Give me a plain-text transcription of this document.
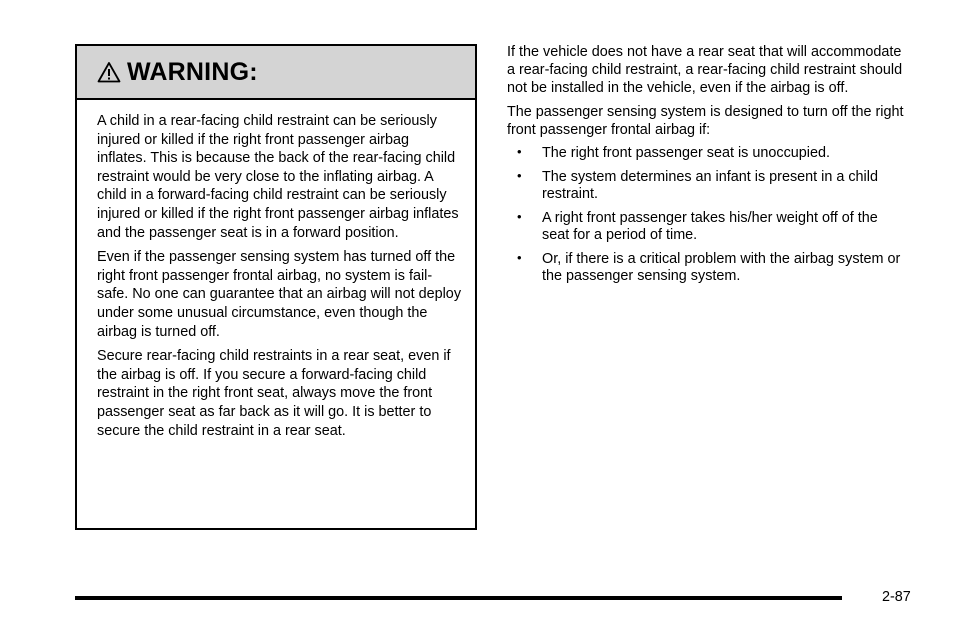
WARNING:

A child in a rear-facing child restraint can be seriously injured or killed if the right front passenger airbag inflates. This is because the back of the rear-facing child restraint would be very close to the inflating airbag. A child in a forward-facing child restraint can be seriously injured or killed if the right front passenger airbag inflates and the passenger seat is in a forward position.

Even if the passenger sensing system has turned off the right front passenger frontal airbag, no system is fail-safe. No one can guarantee that an airbag will not deploy under some unusual circumstance, even though the airbag is turned off.

Secure rear-facing child restraints in a rear seat, even if the airbag is off. If you secure a forward-facing child restraint in the right front seat, always move the front passenger seat as far back as it will go. It is better to secure the child restraint in a rear seat.

If the vehicle does not have a rear seat that will accommodate a rear-facing child restraint, a rear-facing child restraint should not be installed in the vehicle, even if the airbag is off.

The passenger sensing system is designed to turn off the right front passenger frontal airbag if:

• The right front passenger seat is unoccupied.
• The system determines an infant is present in a child restraint.
• A right front passenger takes his/her weight off of the seat for a period of time.
• Or, if there is a critical problem with the airbag system or the passenger sensing system.
2-87
